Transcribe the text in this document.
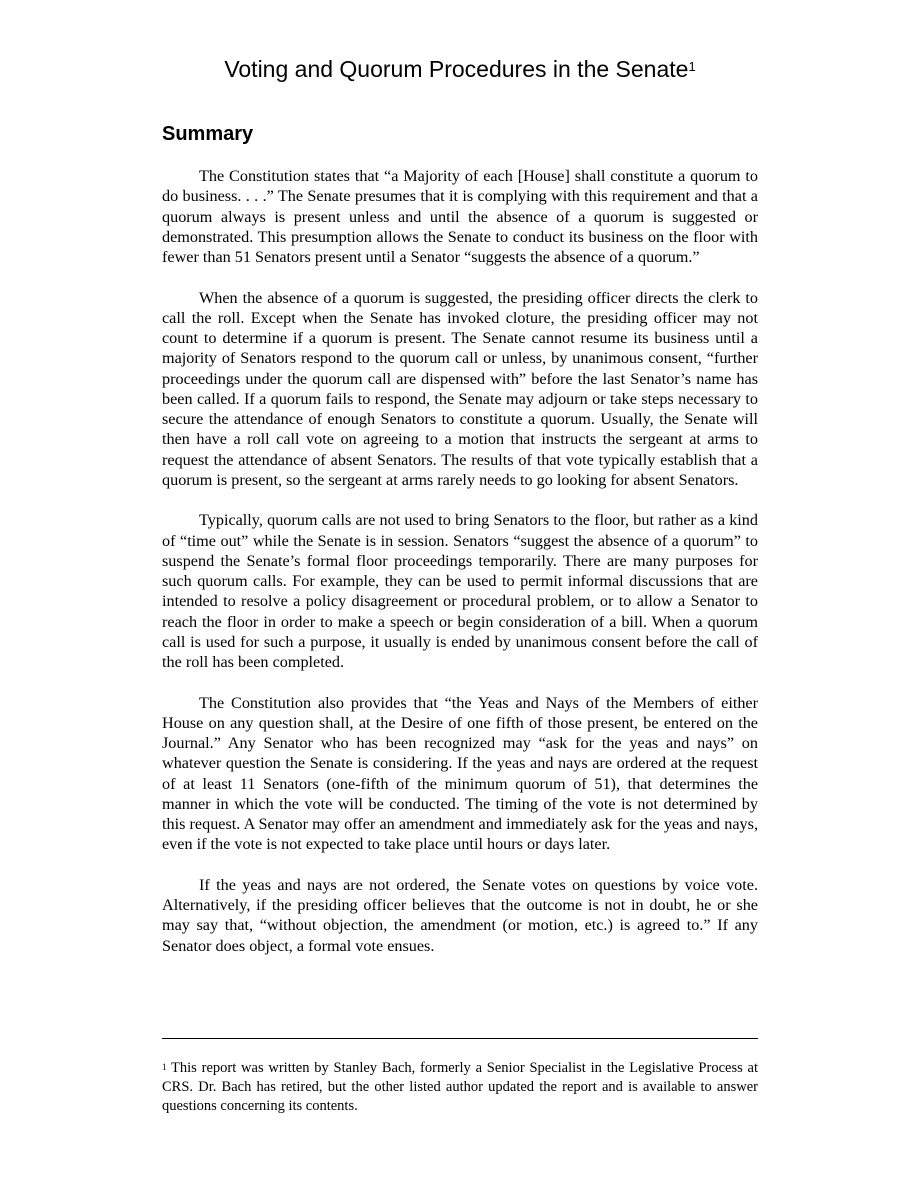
Voting and Quorum Procedures in the Senate$^1$
Summary

The Constitution states that “a Majority of each [House] shall constitute a quorum to do business. . . .” The Senate presumes that it is complying with this requirement and that a quorum always is present unless and until the absence of a quorum is suggested or demonstrated. This presumption allows the Senate to conduct its business on the floor with fewer than 51 Senators present until a Senator “suggests the absence of a quorum.”

When the absence of a quorum is suggested, the presiding officer directs the clerk to call the roll. Except when the Senate has invoked cloture, the presiding officer may not count to determine if a quorum is present. The Senate cannot resume its business until a majority of Senators respond to the quorum call or unless, by unanimous consent, “further proceedings under the quorum call are dispensed with” before the last Senator’s name has been called. If a quorum fails to respond, the Senate may adjourn or take steps necessary to secure the attendance of enough Senators to constitute a quorum. Usually, the Senate will then have a roll call vote on agreeing to a motion that instructs the sergeant at arms to request the attendance of absent Senators. The results of that vote typically establish that a quorum is present, so the sergeant at arms rarely needs to go looking for absent Senators.

Typically, quorum calls are not used to bring Senators to the floor, but rather as a kind of “time out” while the Senate is in session. Senators “suggest the absence of a quorum” to suspend the Senate’s formal floor proceedings temporarily. There are many purposes for such quorum calls. For example, they can be used to permit informal discussions that are intended to resolve a policy disagreement or procedural problem, or to allow a Senator to reach the floor in order to make a speech or begin consideration of a bill. When a quorum call is used for such a purpose, it usually is ended by unanimous consent before the call of the roll has been completed.

The Constitution also provides that “the Yeas and Nays of the Members of either House on any question shall, at the Desire of one fifth of those present, be entered on the Journal.” Any Senator who has been recognized may “ask for the yeas and nays” on whatever question the Senate is considering. If the yeas and nays are ordered at the request of at least 11 Senators (one-fifth of the minimum quorum of 51), that determines the manner in which the vote will be conducted. The timing of the vote is not determined by this request. A Senator may offer an amendment and immediately ask for the yeas and nays, even if the vote is not expected to take place until hours or days later.

If the yeas and nays are not ordered, the Senate votes on questions by voice vote. Alternatively, if the presiding officer believes that the outcome is not in doubt, he or she may say that, “without objection, the amendment (or motion, etc.) is agreed to.” If any Senator does object, a formal vote ensues.

$^1$ This report was written by Stanley Bach, formerly a Senior Specialist in the Legislative Process at CRS. Dr. Bach has retired, but the other listed author updated the report and is available to answer questions concerning its contents.
